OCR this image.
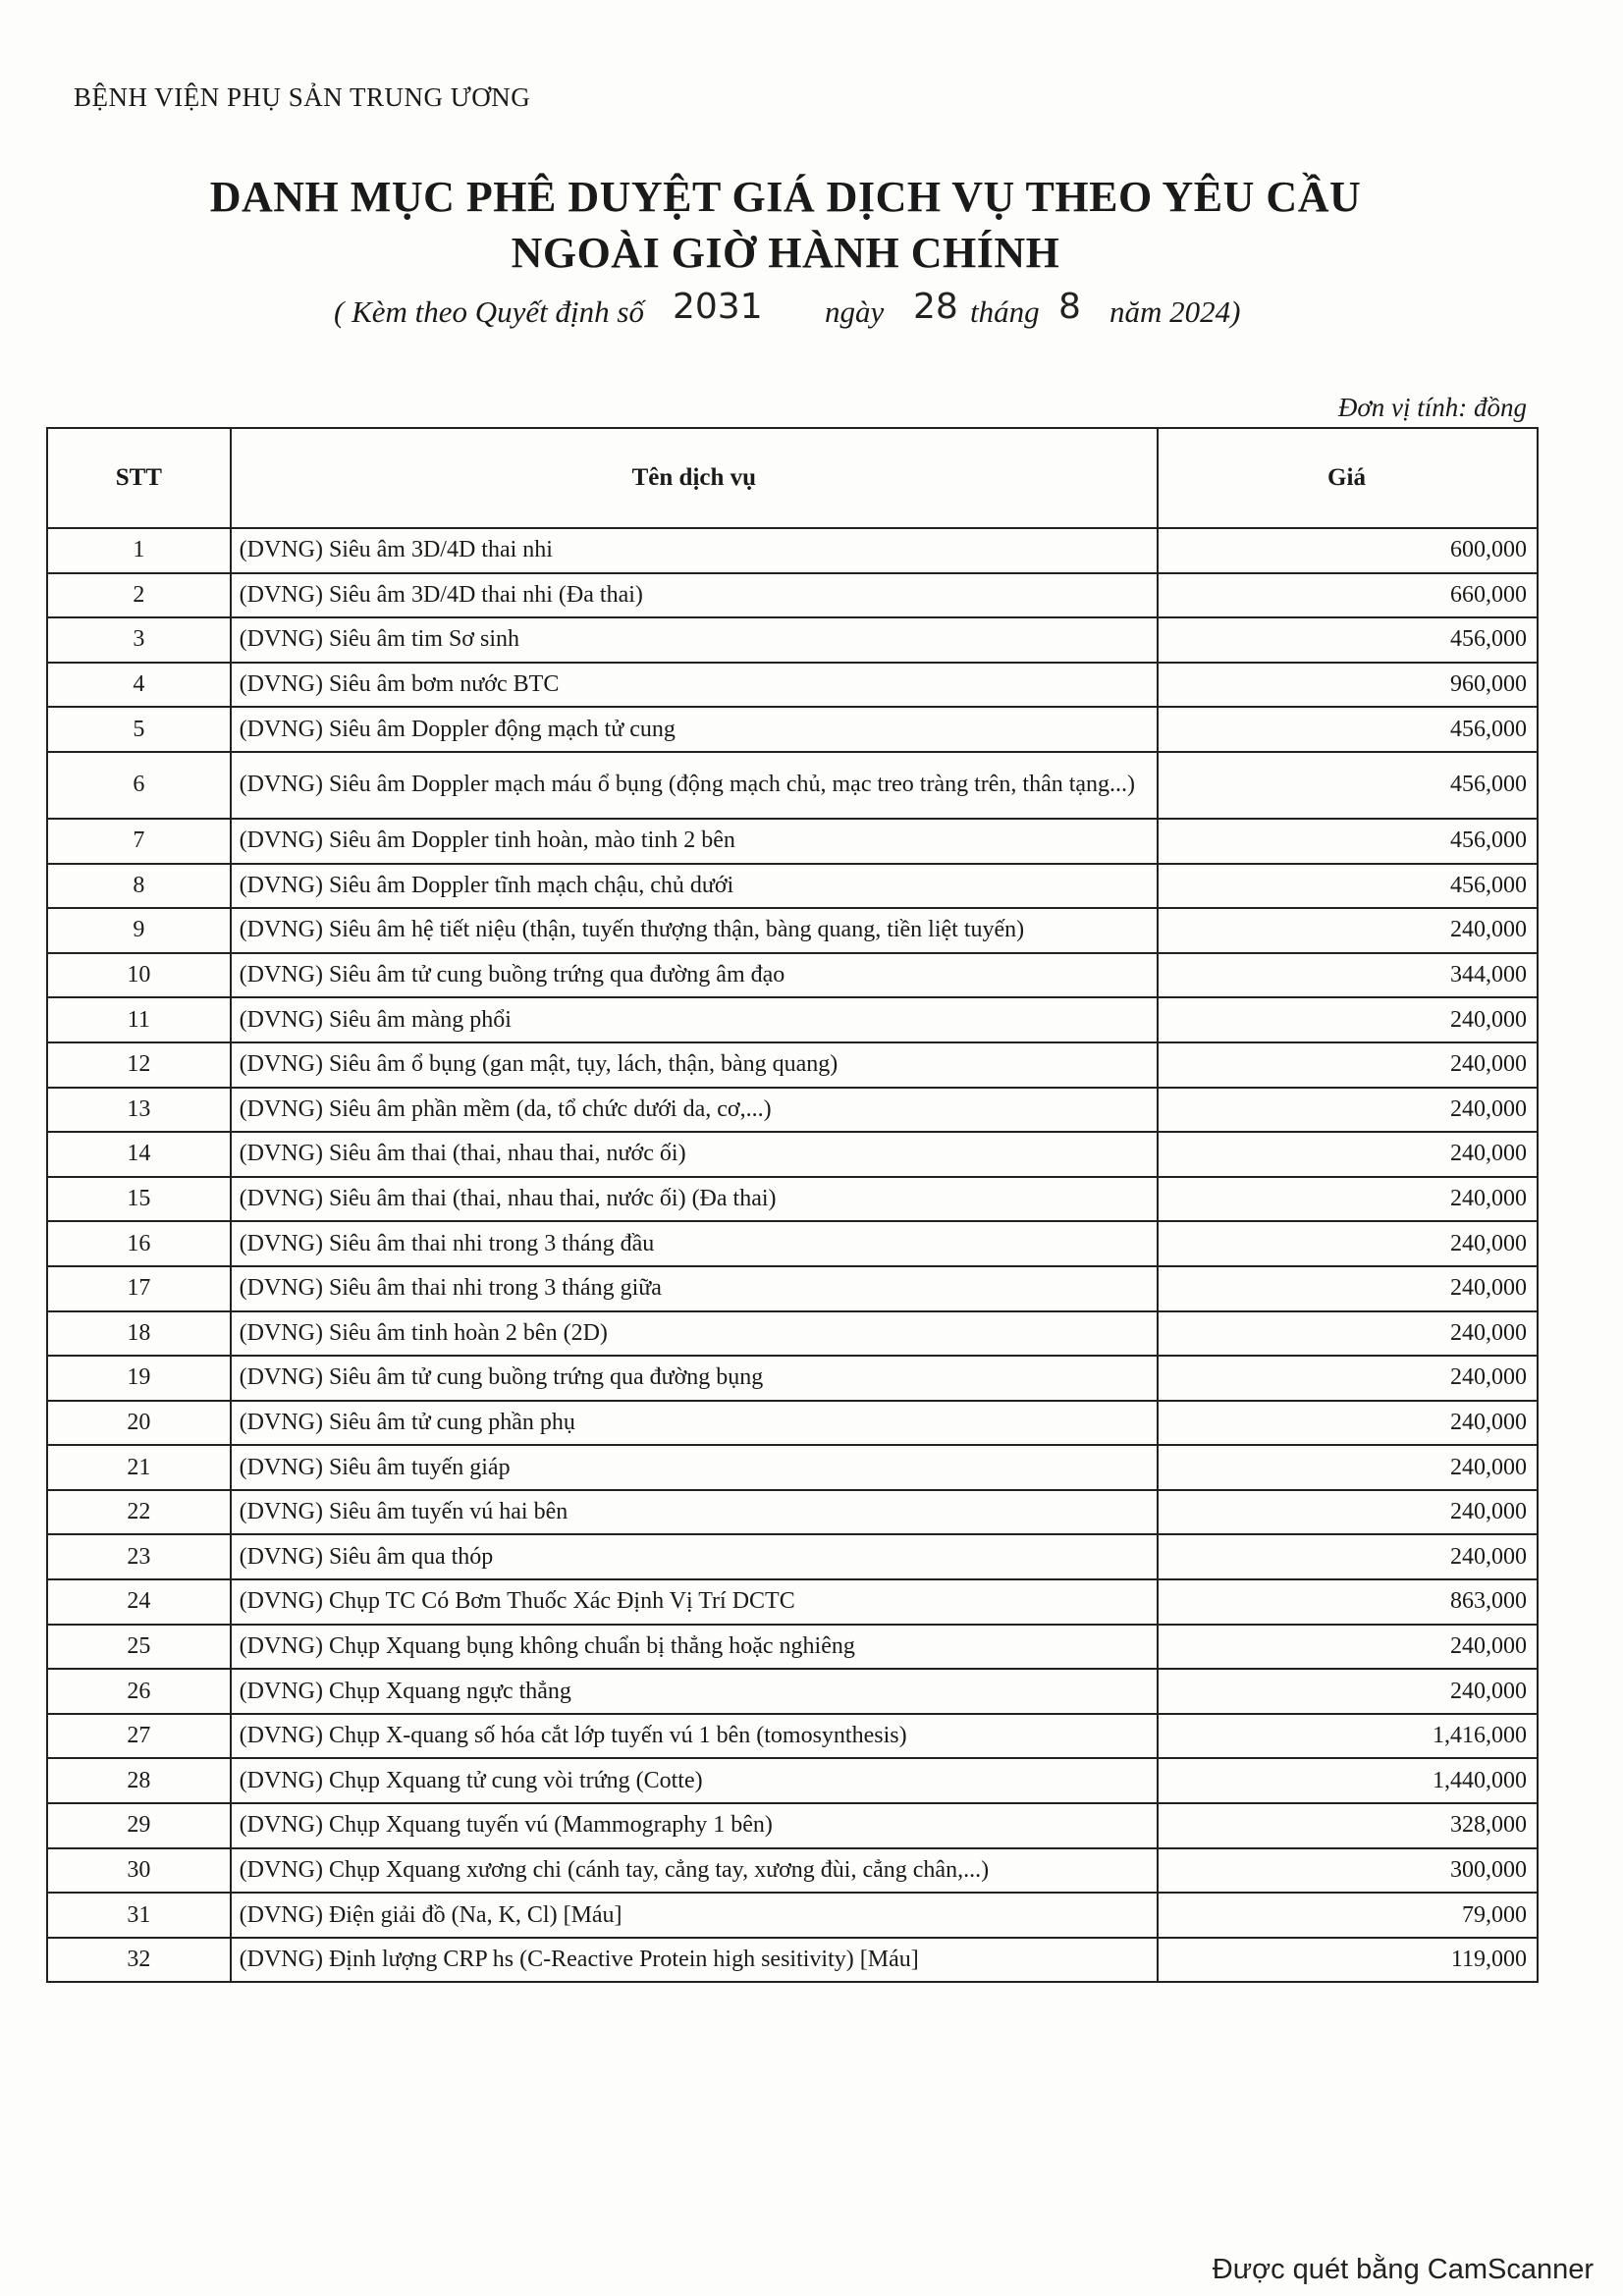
BỆNH VIỆN PHỤ SẢN TRUNG ƯƠNG
DANH MỤC PHÊ DUYỆT GIÁ DỊCH VỤ THEO YÊU CẦU
NGOÀI GIỜ HÀNH CHÍNH
( Kèm theo Quyết định số 2031 ngày 28 tháng 8 năm 2024)
Đơn vị tính: đồng
STT	Tên dịch vụ	Giá
1	(DVNG) Siêu âm 3D/4D thai nhi	600,000
2	(DVNG) Siêu âm 3D/4D thai nhi (Đa thai)	660,000
3	(DVNG) Siêu âm tim Sơ sinh	456,000
4	(DVNG) Siêu âm bơm nước BTC	960,000
5	(DVNG) Siêu âm Doppler động mạch tử cung	456,000
6	(DVNG) Siêu âm Doppler mạch máu ổ bụng (động mạch chủ, mạc treo tràng trên, thân tạng...)	456,000
7	(DVNG) Siêu âm Doppler tinh hoàn, mào tinh 2 bên	456,000
8	(DVNG) Siêu âm Doppler tĩnh mạch chậu, chủ dưới	456,000
9	(DVNG) Siêu âm hệ tiết niệu (thận, tuyến thượng thận, bàng quang, tiền liệt tuyến)	240,000
10	(DVNG) Siêu âm tử cung buồng trứng qua đường âm đạo	344,000
11	(DVNG) Siêu âm màng phổi	240,000
12	(DVNG) Siêu âm ổ bụng (gan mật, tụy, lách, thận, bàng quang)	240,000
13	(DVNG) Siêu âm phần mềm (da, tổ chức dưới da, cơ,...)	240,000
14	(DVNG) Siêu âm thai (thai, nhau thai, nước ối)	240,000
15	(DVNG) Siêu âm thai (thai, nhau thai, nước ối) (Đa thai)	240,000
16	(DVNG) Siêu âm thai nhi trong 3 tháng đầu	240,000
17	(DVNG) Siêu âm thai nhi trong 3 tháng giữa	240,000
18	(DVNG) Siêu âm tinh hoàn 2 bên (2D)	240,000
19	(DVNG) Siêu âm tử cung buồng trứng qua đường bụng	240,000
20	(DVNG) Siêu âm tử cung phần phụ	240,000
21	(DVNG) Siêu âm tuyến giáp	240,000
22	(DVNG) Siêu âm tuyến vú hai bên	240,000
23	(DVNG) Siêu âm qua thóp	240,000
24	(DVNG) Chụp TC Có Bơm Thuốc Xác Định Vị Trí DCTC	863,000
25	(DVNG) Chụp Xquang bụng không chuẩn bị thẳng hoặc nghiêng	240,000
26	(DVNG) Chụp Xquang ngực thẳng	240,000
27	(DVNG) Chụp X-quang số hóa cắt lớp tuyến vú 1 bên (tomosynthesis)	1,416,000
28	(DVNG) Chụp Xquang tử cung vòi trứng (Cotte)	1,440,000
29	(DVNG) Chụp Xquang tuyến vú (Mammography 1 bên)	328,000
30	(DVNG) Chụp Xquang xương chi (cánh tay, cẳng tay, xương đùi, cẳng chân,...)	300,000
31	(DVNG) Điện giải đồ (Na, K, Cl) [Máu]	79,000
32	(DVNG) Định lượng CRP hs (C-Reactive Protein high sesitivity) [Máu]	119,000
Được quét bằng CamScanner
